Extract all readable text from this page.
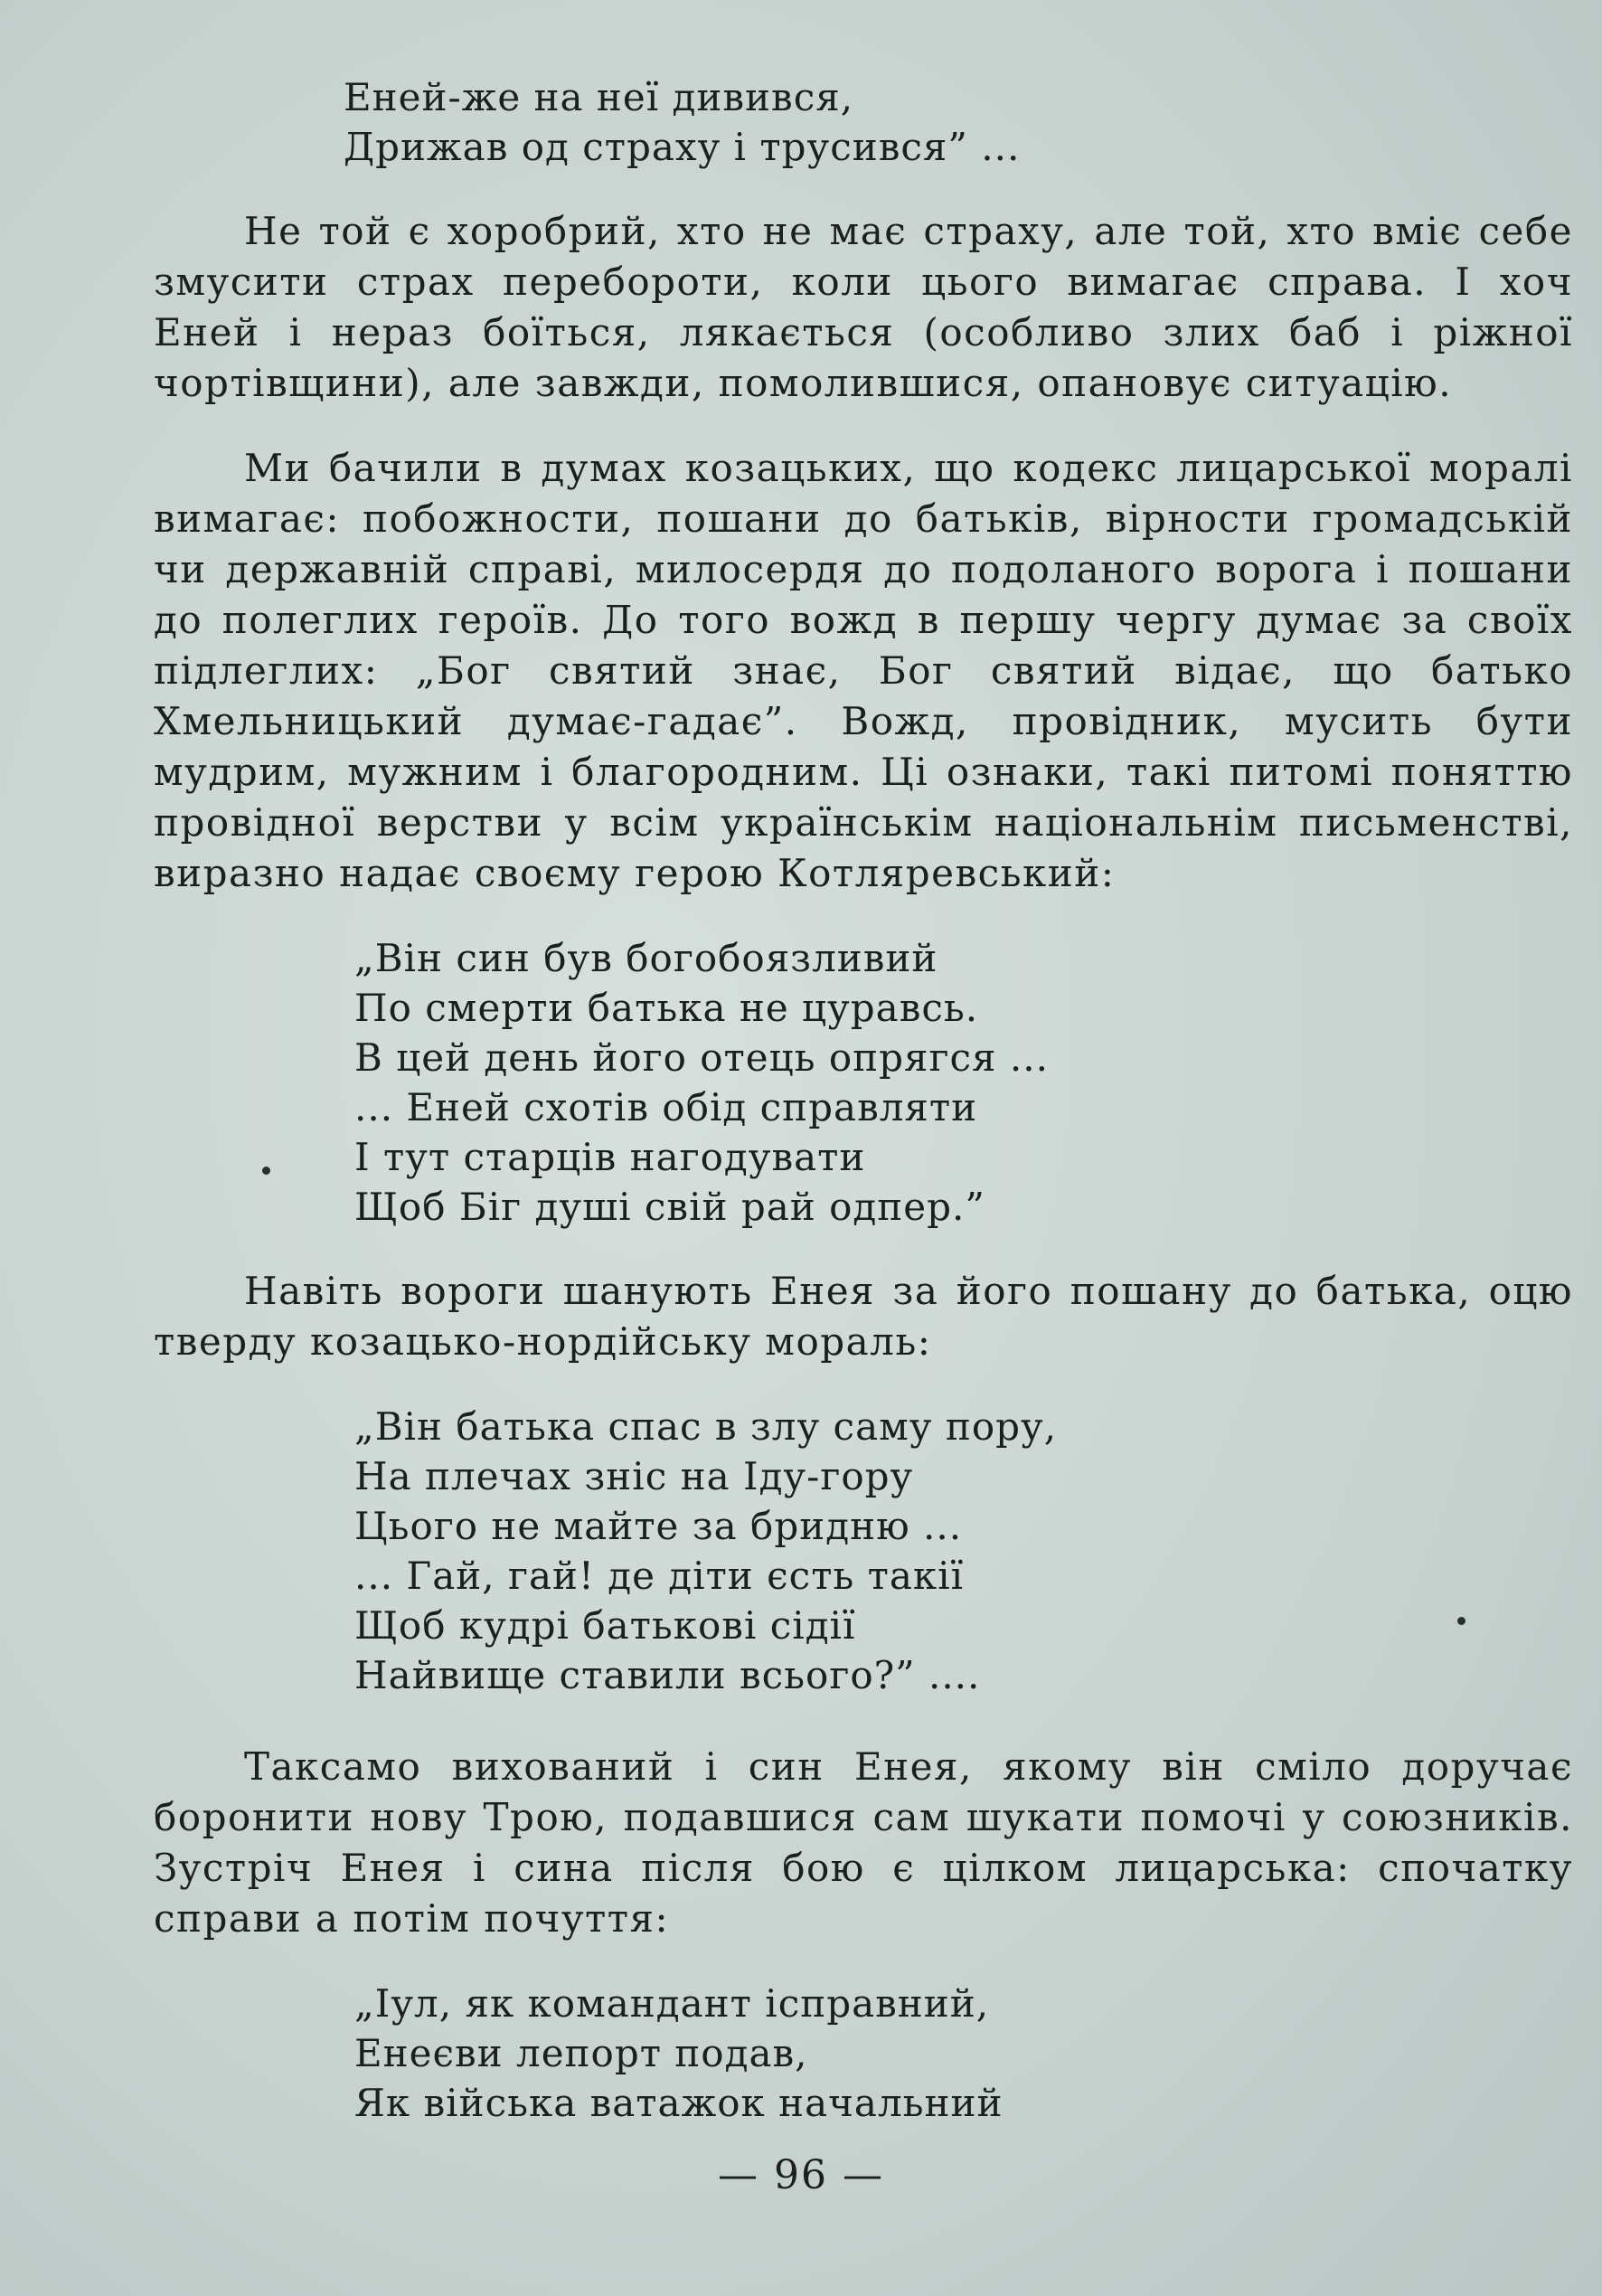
Еней-же на неї дивився,
Дрижав од страху і трусився” ...

Не той є хоробрий, хто не має страху, але той, хто вміє себе змусити страх перебороти, коли цього вимагає справа. І хоч Еней і нераз боїться, лякається (особливо злих баб і ріжної чортівщини), але завжди, помолившися, опановує ситуацію.

Ми бачили в думах козацьких, що кодекс лицарської моралі вимагає: побожности, пошани до батьків, вірности громадській чи державній справі, милосердя до подоланого ворога і пошани до полеглих героїв. До того вожд в першу чергу думає за своїх підлеглих: „Бог святий знає, Бог святий відає, що батько Хмельницький думає-гадає”. Вожд, провідник, мусить бути мудрим, мужним і благородним. Ці ознаки, такі питомі поняттю провідної верстви у всім українськім національнім письменстві, виразно надає своєму герою Котляревський:

„Він син був богобоязливий
По смерти батька не цуравсь.
В цей день його отець опрягся ...
... Еней схотів обід справляти
І тут старців нагодувати
Щоб Біг душі свій рай одпер.”

Навіть вороги шанують Енея за його пошану до батька, оцю тверду козацько-нордійську мораль:

„Він батька спас в злу саму пору,
На плечах зніс на Іду-гору
Цього не майте за бридню ...
... Гай, гай! де діти єсть такії
Щоб кудрі батькові сідії
Найвище ставили всього?” ....

Таксамо вихований і син Енея, якому він сміло доручає боронити нову Трою, подавшися сам шукати помочі у союзників. Зустріч Енея і сина після бою є цілком лицарська: спочатку справи а потім почуття:

„Іул, як командант ісправний,
Енеєви лепорт подав,
Як війська ватажок начальний
— 96 —
